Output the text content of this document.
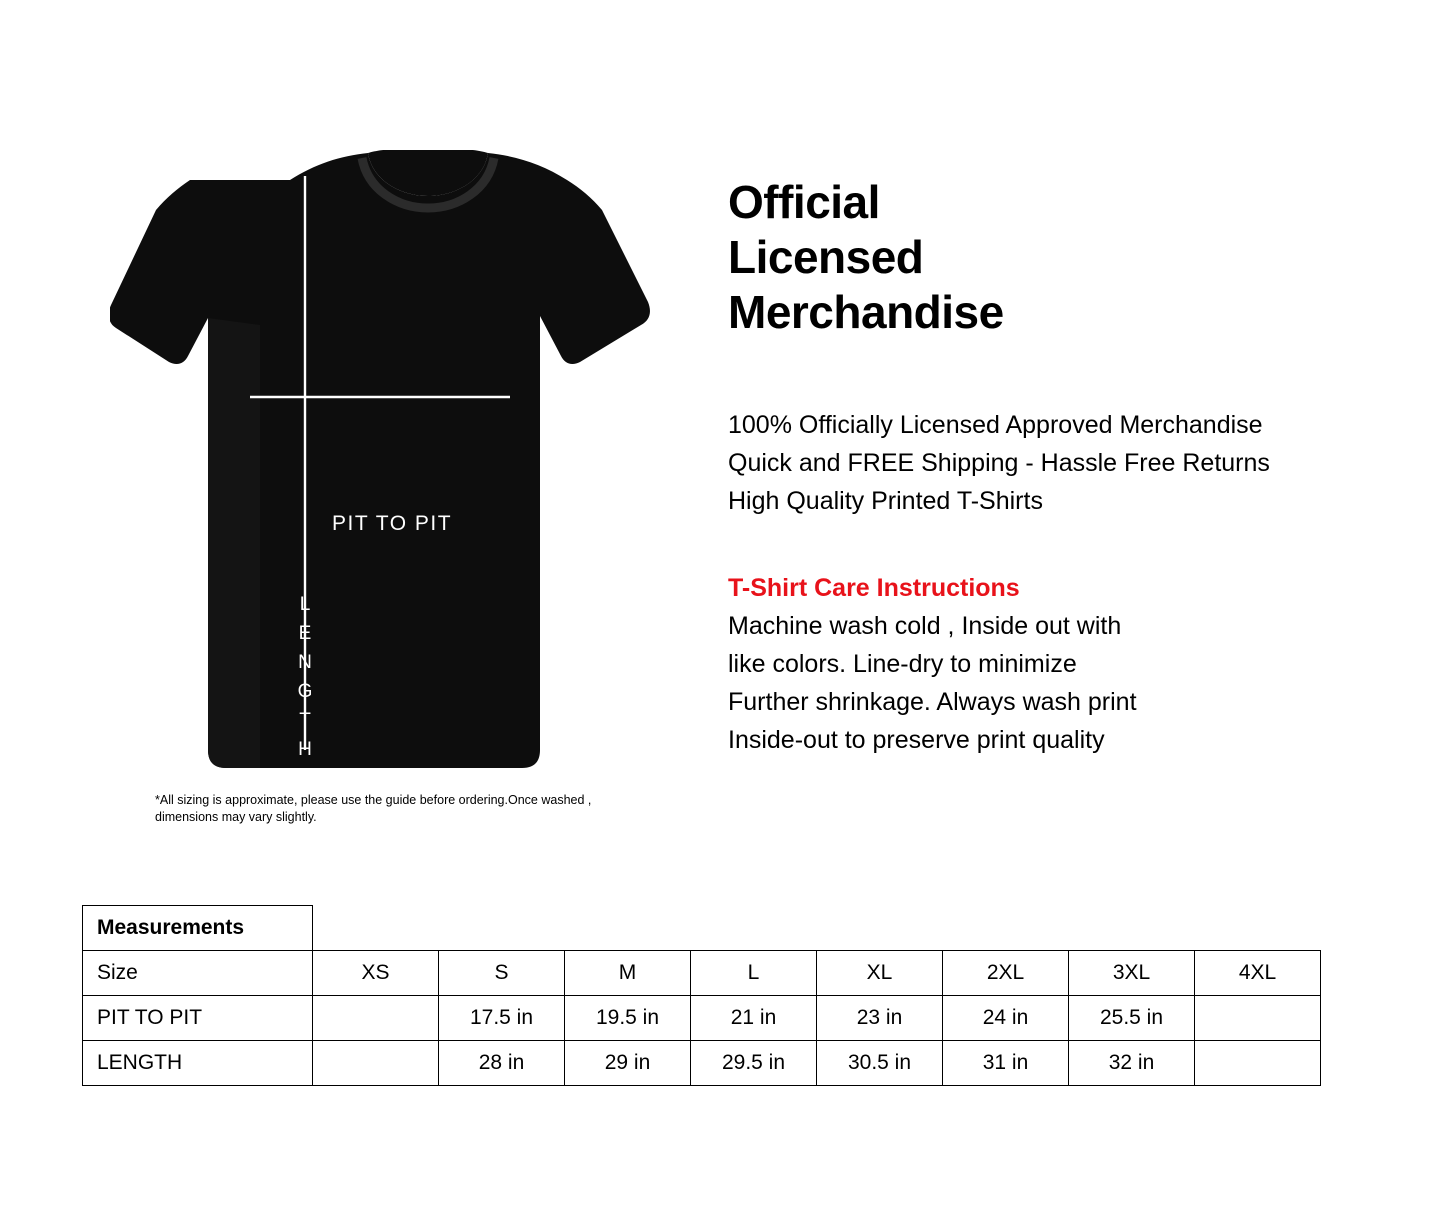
PIT TO PIT
L
E
N
G
T
H
*All sizing is approximate, please use the guide before ordering.Once washed , dimensions may vary slightly.
Official
Licensed
Merchandise
100% Officially Licensed Approved Merchandise
Quick and FREE Shipping - Hassle Free Returns
High Quality Printed T-Shirts
T-Shirt Care Instructions
Machine wash cold , Inside out with
like colors. Line-dry to minimize
Further shrinkage. Always wash print
Inside-out to preserve print quality
Measurements								
Size	XS	S	M	L	XL	2XL	3XL	4XL
PIT TO PIT		17.5 in	19.5 in	21 in	23 in	24 in	25.5 in	
LENGTH		28 in	29 in	29.5 in	30.5 in	31 in	32 in	
